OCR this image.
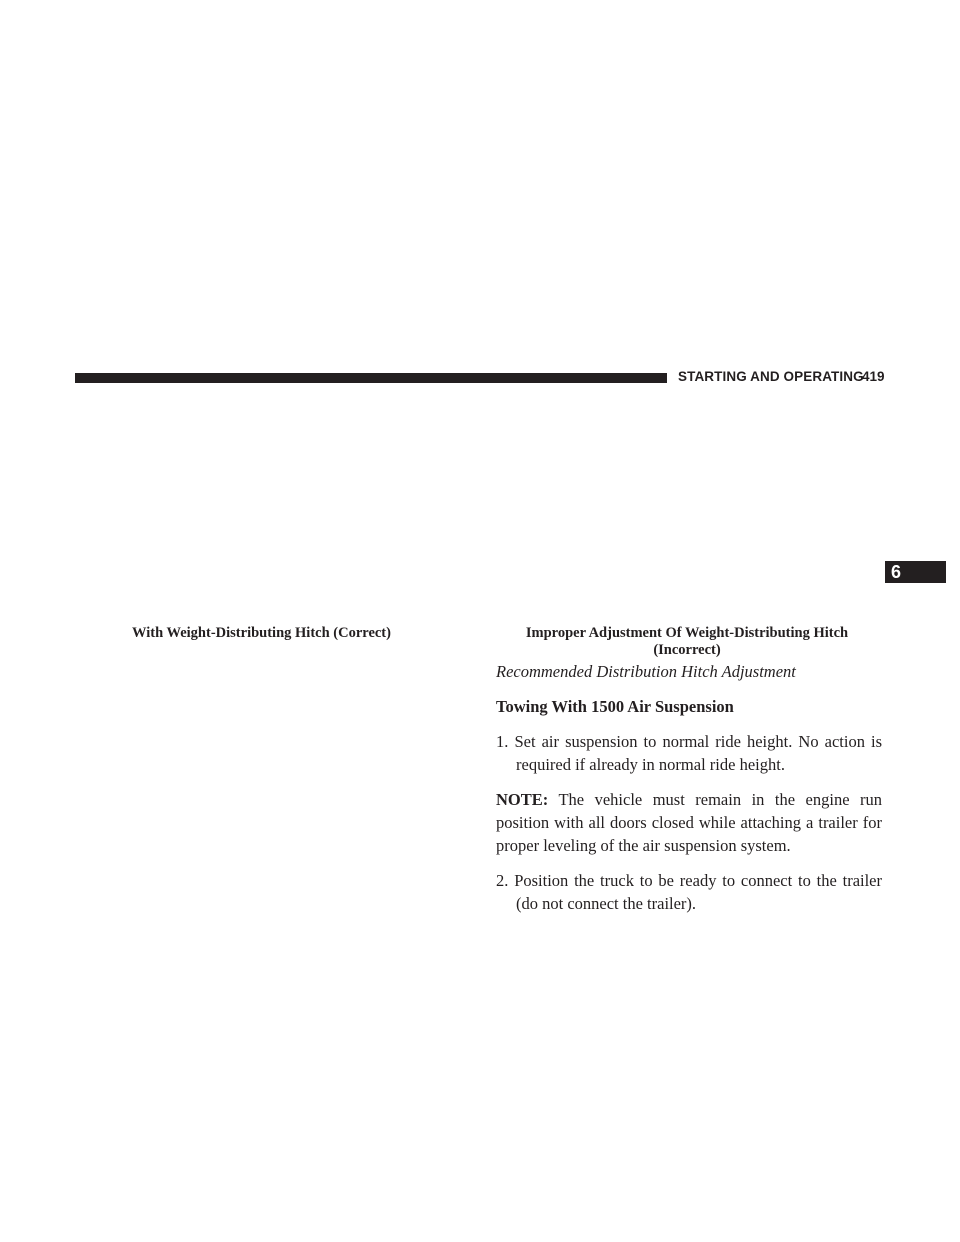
STARTING AND OPERATING
419
6
With Weight-Distributing Hitch (Correct)	Improper Adjustment Of Weight-Distributing Hitch
(Incorrect)

Recommended Distribution Hitch Adjustment

Towing With 1500 Air Suspension

1. Set air suspension to normal ride height. No action is required if already in normal ride height.

NOTE: The vehicle must remain in the engine run position with all doors closed while attaching a trailer for proper leveling of the air suspension system.

2. Position the truck to be ready to connect to the trailer (do not connect the trailer).
